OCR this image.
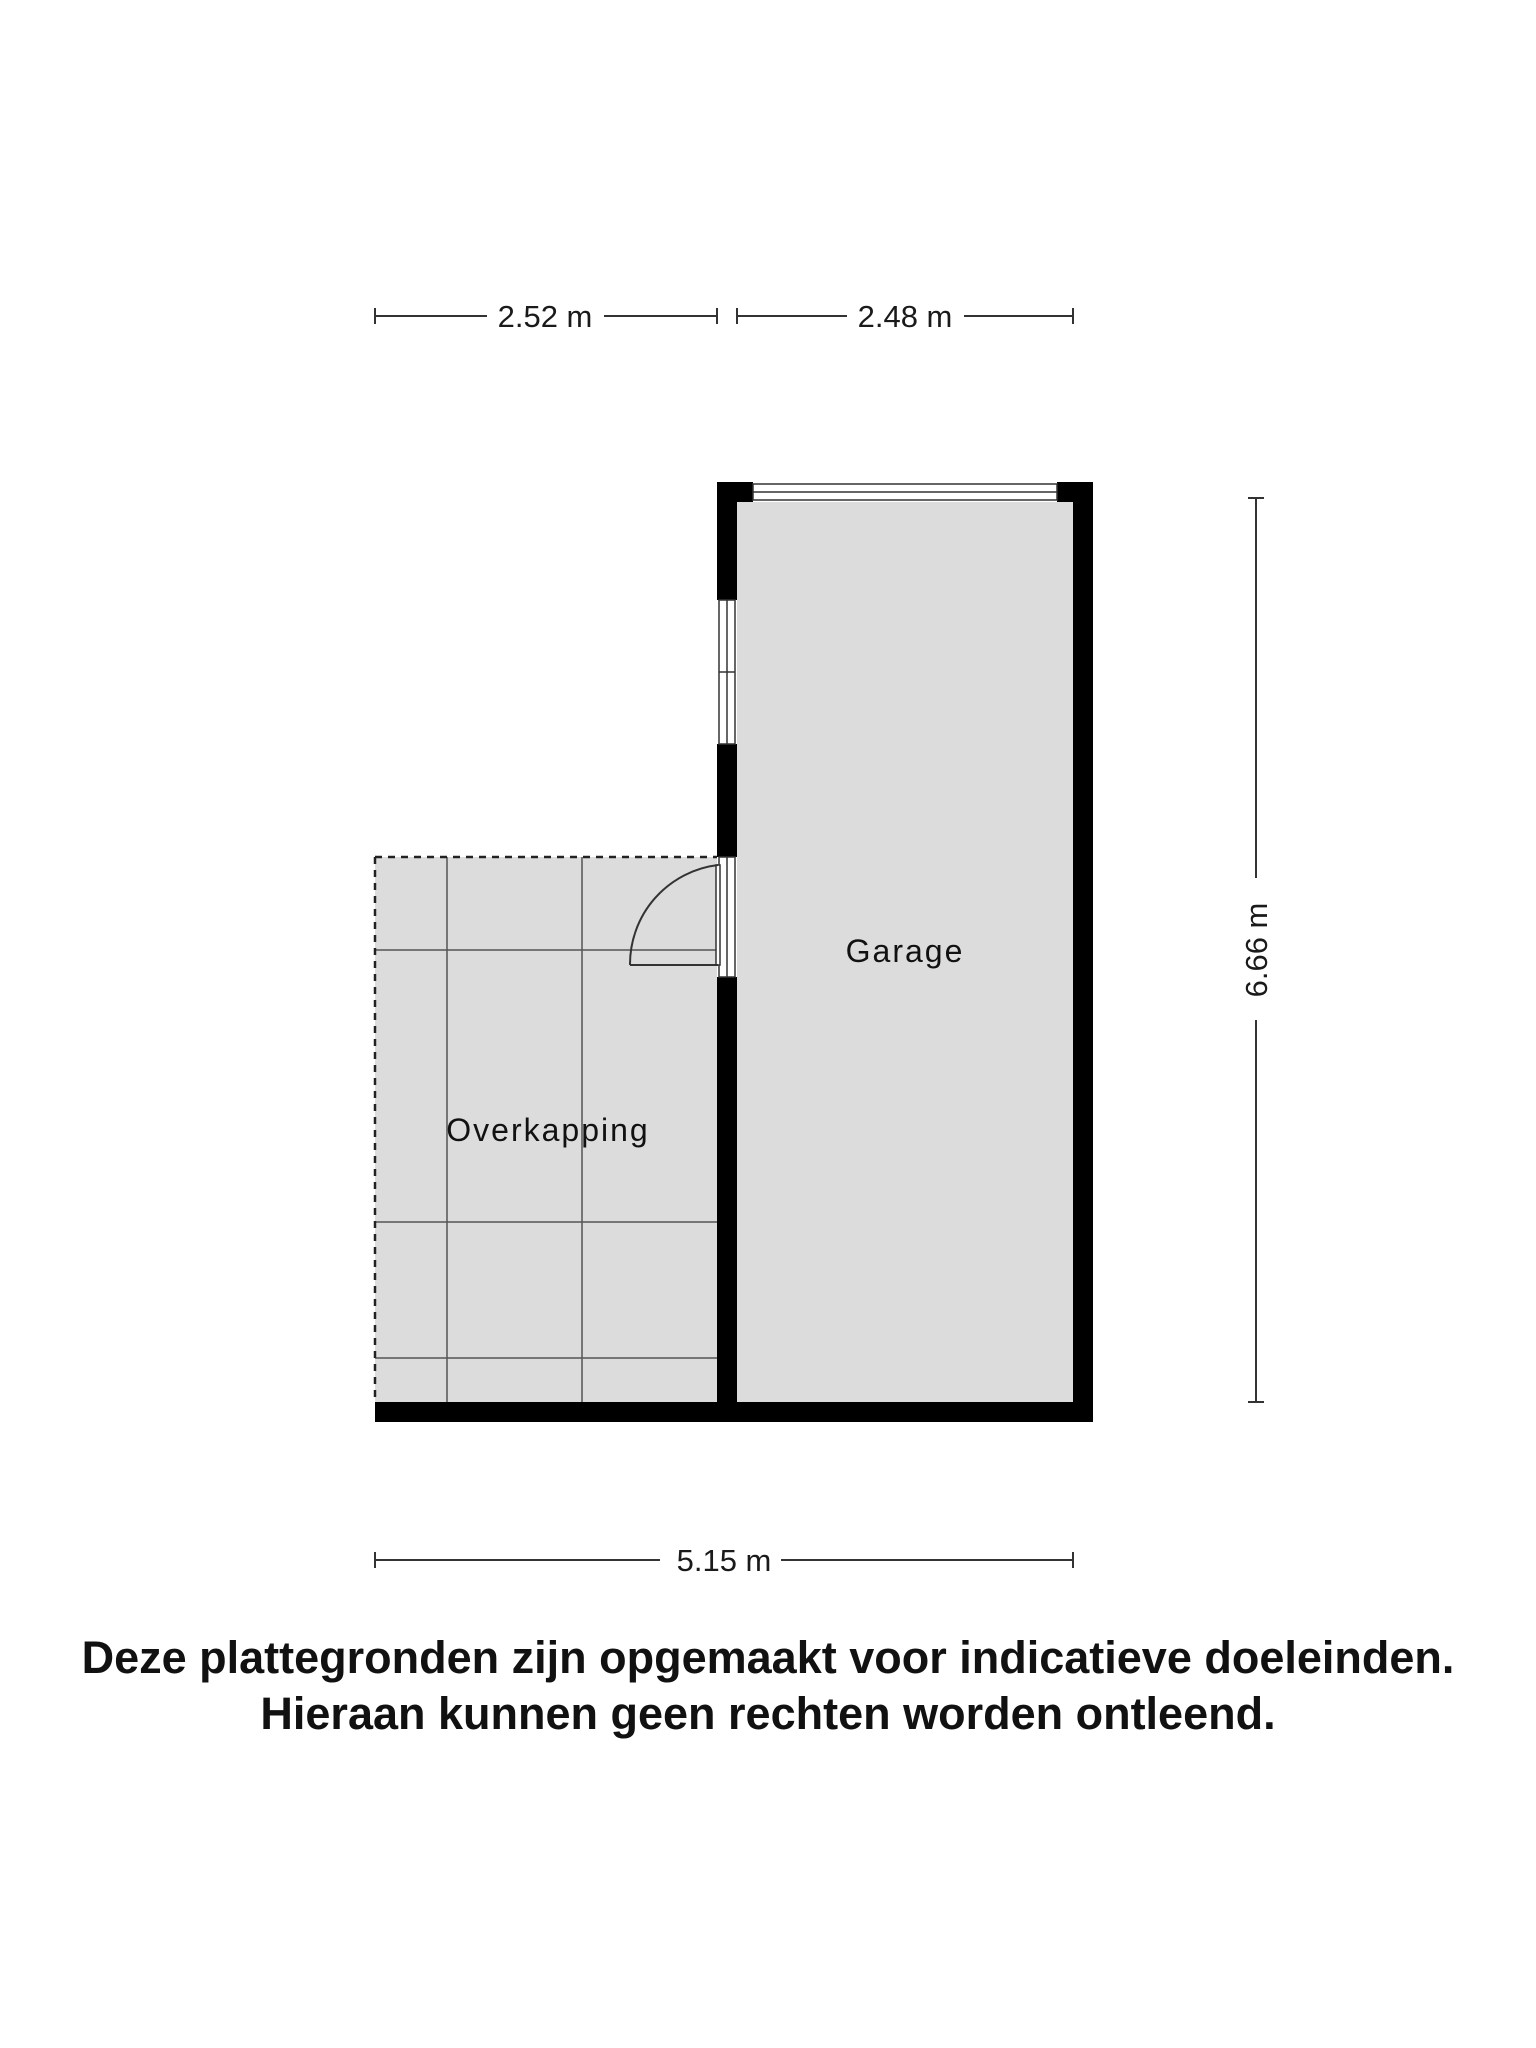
2.52 m	2.48 m
6.66 m
5.15 m
Garage
Overkapping
Deze plattegronden zijn opgemaakt voor indicatieve doeleinden.
Hieraan kunnen geen rechten worden ontleend.
